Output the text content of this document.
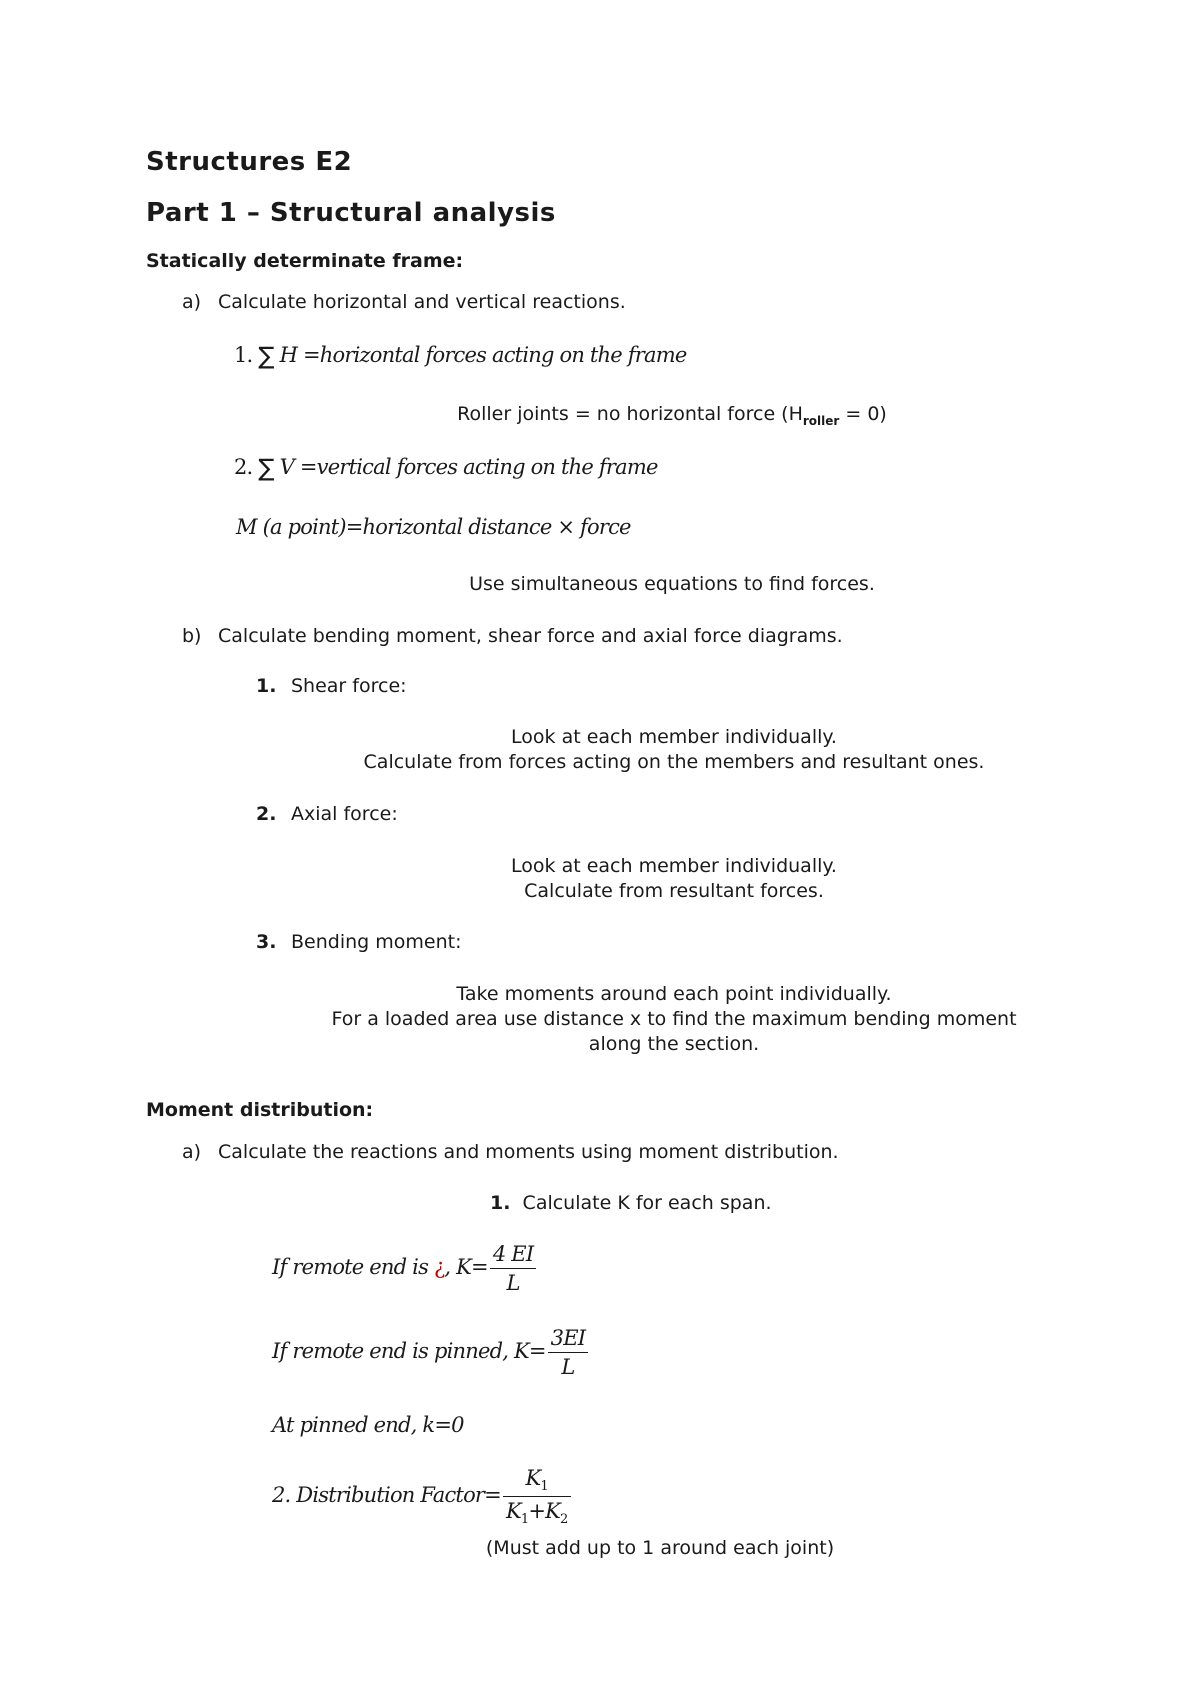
Structures E2
Part 1 – Structural analysis
Statically determinate frame:
a) Calculate horizontal and vertical reactions.
1. ∑ H =horizontal forces acting on the frame
Roller joints = no horizontal force $(H_{roller} = 0)$
2. ∑ V =vertical forces acting on the frame
M (a point)=horizontal distance × force
Use simultaneous equations to find forces.
b) Calculate bending moment, shear force and axial force diagrams.
1. Shear force:
Look at each member individually.
Calculate from forces acting on the members and resultant ones.
2. Axial force:
Look at each member individually.
Calculate from resultant forces.
3. Bending moment:
Take moments around each point individually.
For a loaded area use distance x to find the maximum bending moment
along the section.
Moment distribution:
a) Calculate the reactions and moments using moment distribution.
1. Calculate K for each span.
If remote end is ¿, $K= \frac{4 EI}{L}$
If remote end is pinned, $K= \frac{3EI}{L}$
At pinned end, k=0
2. Distribution Factor= $\frac{K_1}{K_1+K_2}$
(Must add up to 1 around each joint)
